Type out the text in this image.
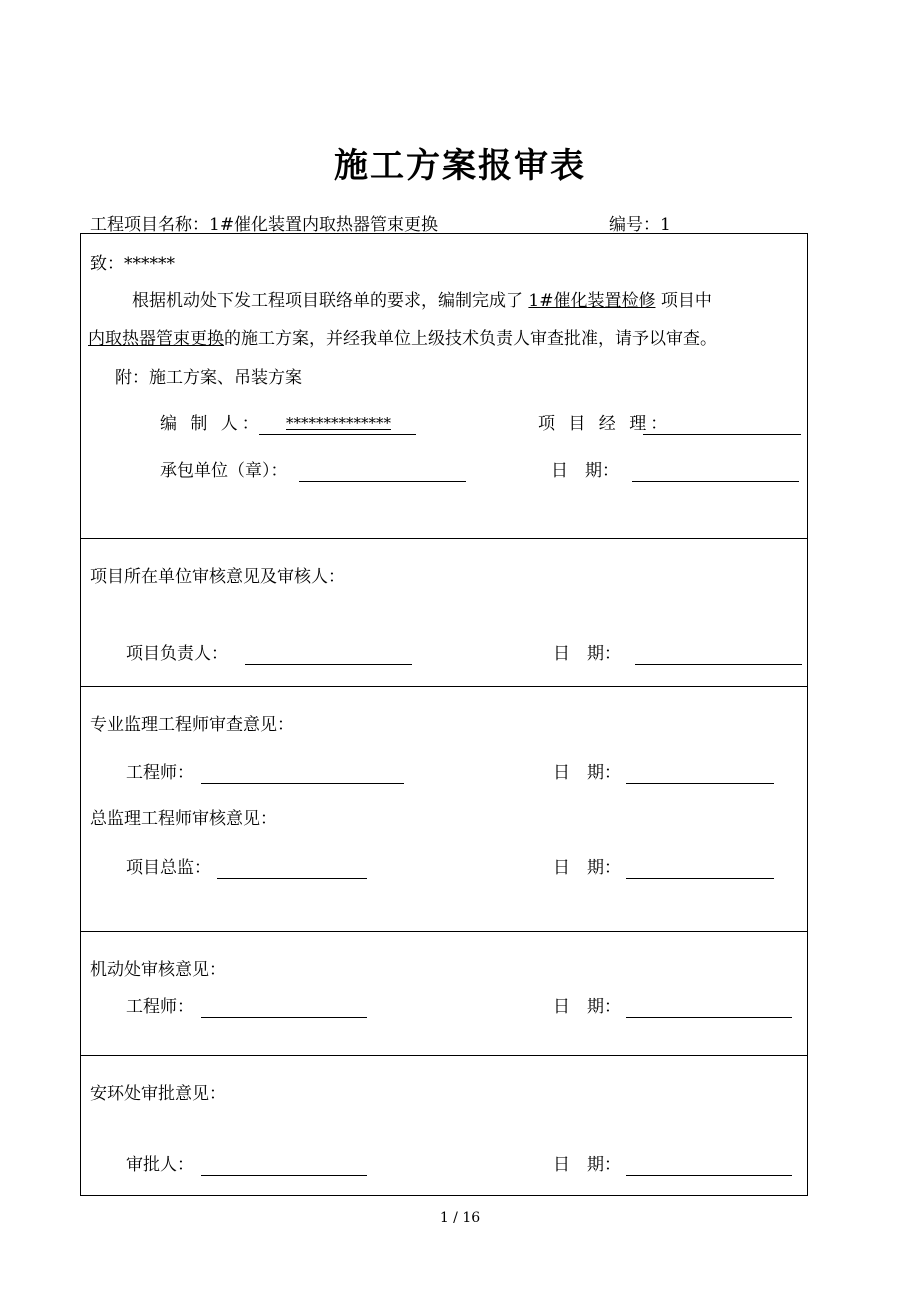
施工方案报审表
工程项目名称：1#催化装置内取热器管束更换	编号：1
致：******
根据机动处下发工程项目联络单的要求，编制完成了 1#催化装置检修 项目中
内取热器管束更换的施工方案，并经我单位上级技术负责人审查批准，请予以审查。
附：施工方案、吊装方案
编 制 人： **************	项 目 经 理：
承包单位（章）：	日　期：
项目所在单位审核意见及审核人：
项目负责人：	日　期：
专业监理工程师审查意见：
工程师：	日　期：
总监理工程师审核意见：
项目总监：	日　期：
机动处审核意见：
工程师：	日　期：
安环处审批意见：
审批人：	日　期：
1 / 16
